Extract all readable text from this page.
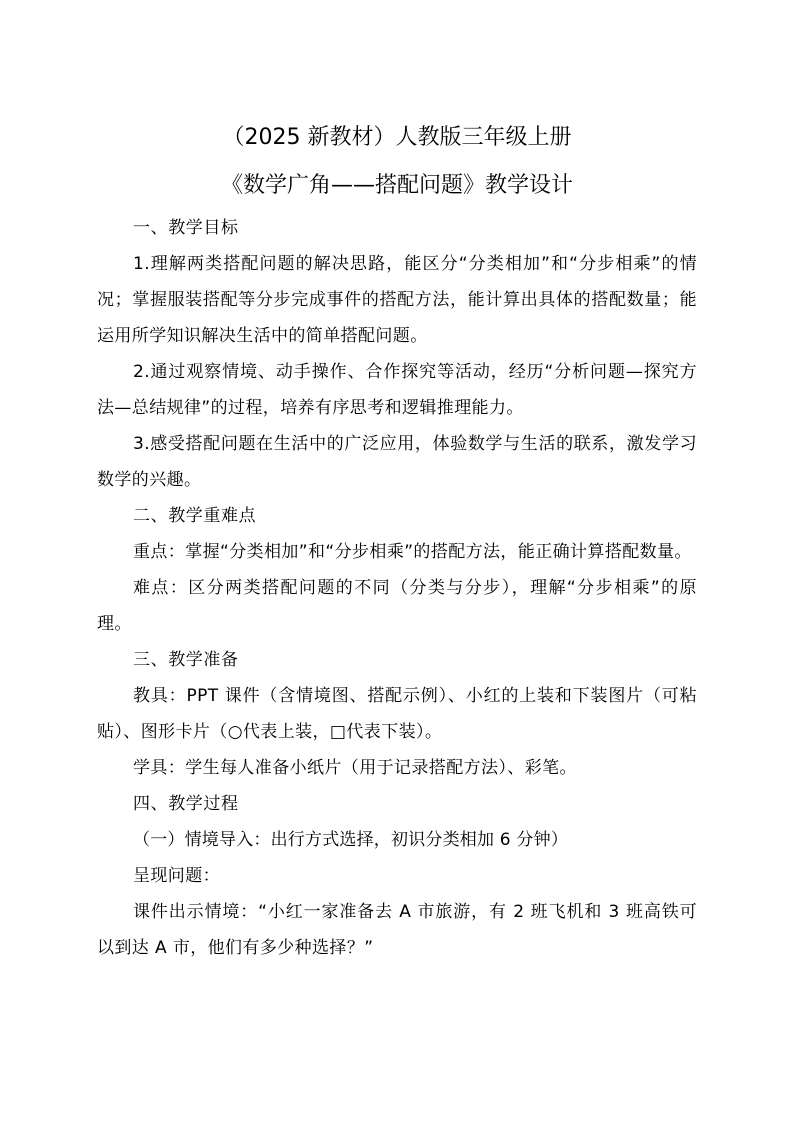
（2025 新教材）人教版三年级上册
《数学广角——搭配问题》教学设计

一、教学目标

1.理解两类搭配问题的解决思路，能区分“分类相加”和“分步相乘”的情况；掌握服装搭配等分步完成事件的搭配方法，能计算出具体的搭配数量；能运用所学知识解决生活中的简单搭配问题。

2.通过观察情境、动手操作、合作探究等活动，经历“分析问题—探究方法—总结规律”的过程，培养有序思考和逻辑推理能力。

3.感受搭配问题在生活中的广泛应用，体验数学与生活的联系，激发学习数学的兴趣。

二、教学重难点

重点：掌握“分类相加”和“分步相乘”的搭配方法，能正确计算搭配数量。

难点：区分两类搭配问题的不同（分类与分步），理解“分步相乘”的原理。

三、教学准备

教具：PPT 课件（含情境图、搭配示例）、小红的上装和下装图片（可粘贴）、图形卡片（○代表上装，□代表下装）。

学具：学生每人准备小纸片（用于记录搭配方法）、彩笔。

四、教学过程

（一）情境导入：出行方式选择，初识分类相加 6 分钟）

呈现问题：

课件出示情境：“小红一家准备去 A 市旅游，有 2 班飞机和 3 班高铁可以到达 A 市，他们有多少种选择？”
